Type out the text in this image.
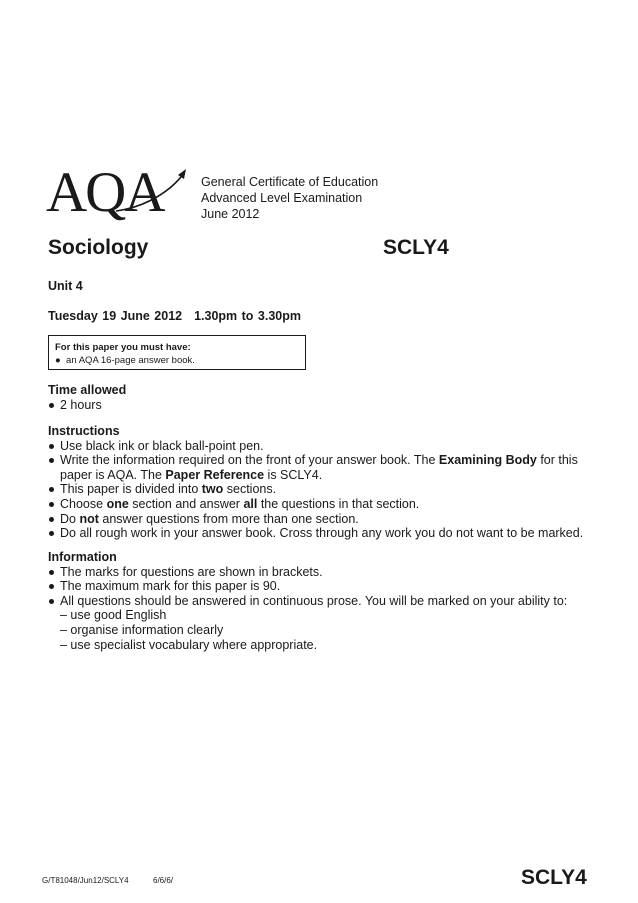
AQA	General Certificate of Education
Advanced Level Examination
June 2012
Sociology	SCLY4
Unit 4
Tuesday 19 June 2012 1.30pm to 3.30pm
For this paper you must have:
●  an AQA 16-page answer book.
Time allowed
2 hours
Instructions
Use black ink or black ball-point pen.
Write the information required on the front of your answer book. The Examining Body for this paper is AQA. The Paper Reference is SCLY4.
This paper is divided into two sections.
Choose one section and answer all the questions in that section.
Do not answer questions from more than one section.
Do all rough work in your answer book. Cross through any work you do not want to be marked.
Information
The marks for questions are shown in brackets.
The maximum mark for this paper is 90.
All questions should be answered in continuous prose. You will be marked on your ability to:
– use good English
– organise information clearly
– use specialist vocabulary where appropriate.
G/T81048/Jun12/SCLY4	6/6/6/	SCLY4
